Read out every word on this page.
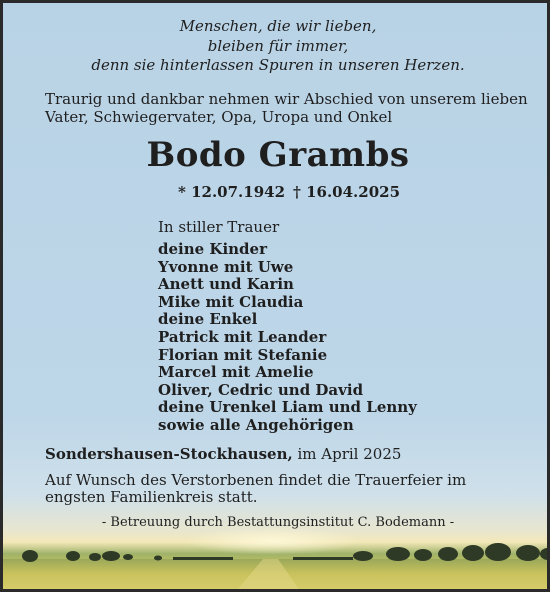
Menschen, die wir lieben,
bleiben für immer,
denn sie hinterlassen Spuren in unseren Herzen.
Traurig und dankbar nehmen wir Abschied von unserem lieben
Vater, Schwiegervater, Opa, Uropa und Onkel
Bodo Grambs
* 12.07.1942 † 16.04.2025
In stiller Trauer
deine Kinder
Yvonne mit Uwe
Anett und Karin
Mike mit Claudia
deine Enkel
Patrick mit Leander
Florian mit Stefanie
Marcel mit Amelie
Oliver, Cedric und David
deine Urenkel Liam und Lenny
sowie alle Angehörigen
Sondershausen-Stockhausen, im April 2025
Auf Wunsch des Verstorbenen findet die Trauerfeier im engsten Familienkreis statt.
- Betreuung durch Bestattungsinstitut C. Bodemann -
